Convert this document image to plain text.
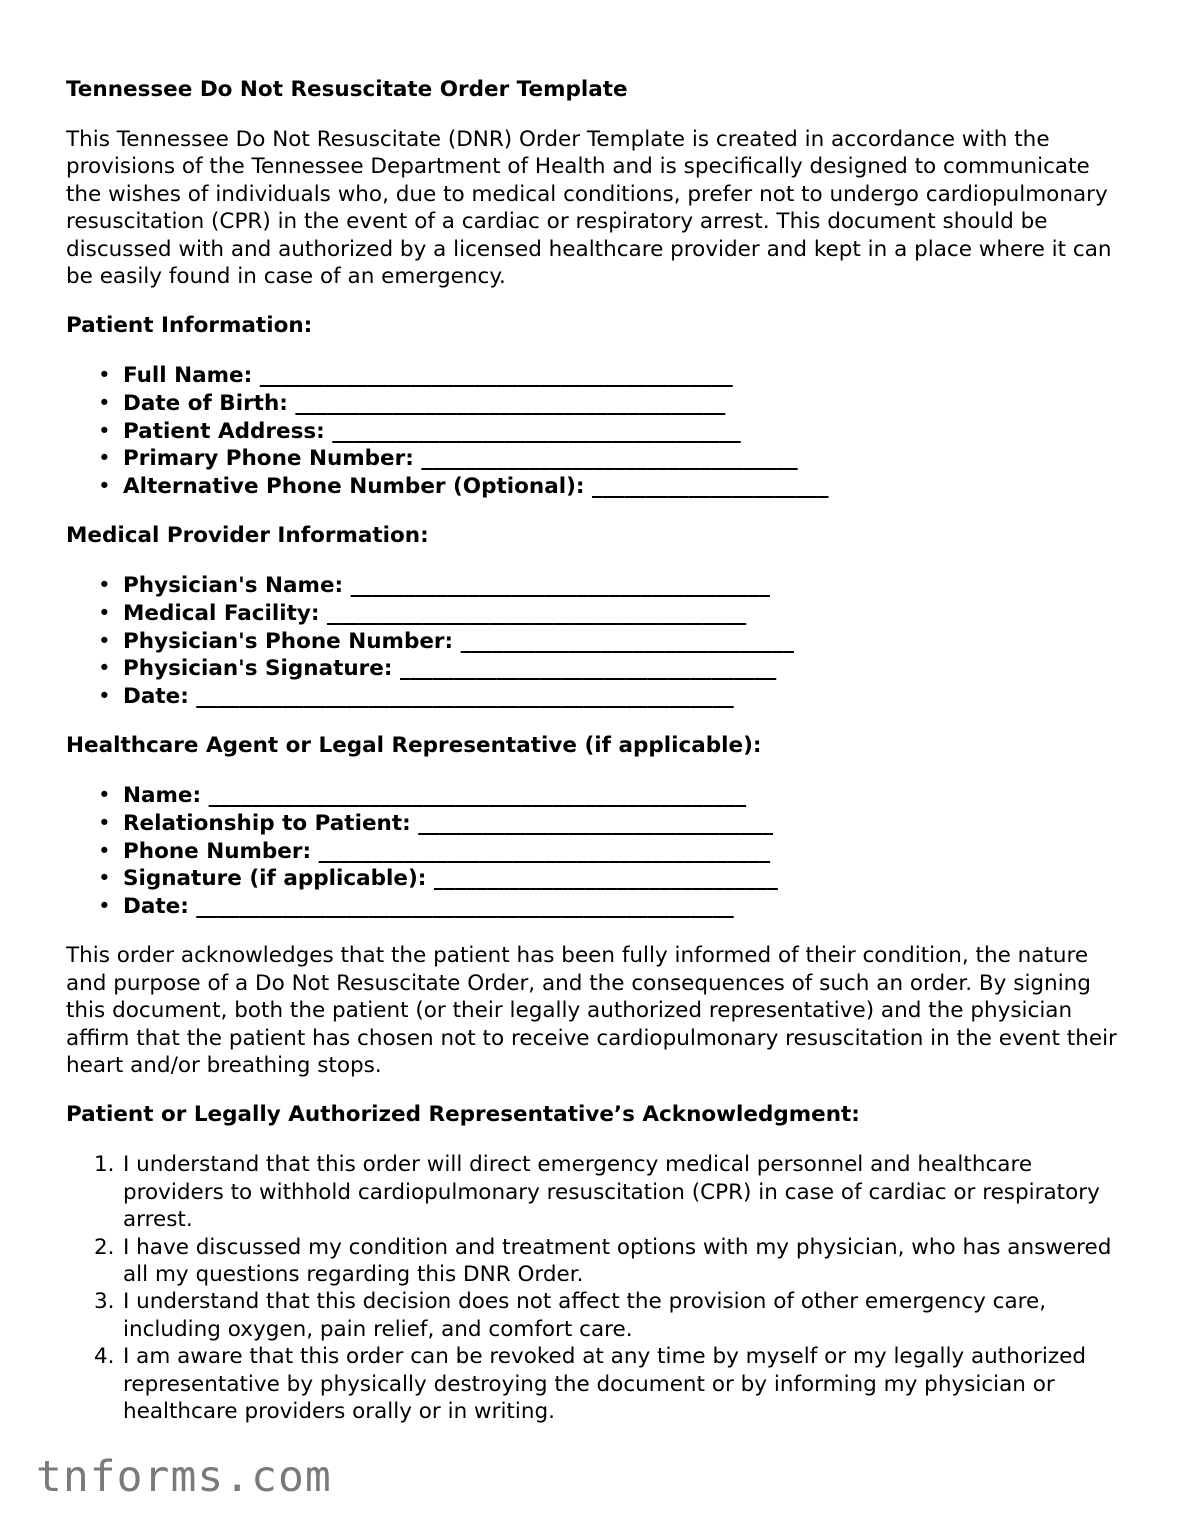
Tennessee Do Not Resuscitate Order Template

This Tennessee Do Not Resuscitate (DNR) Order Template is created in accordance with the provisions of the Tennessee Department of Health and is specifically designed to communicate the wishes of individuals who, due to medical conditions, prefer not to undergo cardiopulmonary resuscitation (CPR) in the event of a cardiac or respiratory arrest. This document should be discussed with and authorized by a licensed healthcare provider and kept in a place where it can be easily found in case of an emergency.

Patient Information:
• Full Name: ____________________________________________
• Date of Birth: ________________________________________
• Patient Address: ______________________________________
• Primary Phone Number: ___________________________________
• Alternative Phone Number (Optional): ______________________
Medical Provider Information:
• Physician's Name: _______________________________________
• Medical Facility: _______________________________________
• Physician's Phone Number: _______________________________
• Physician's Signature: ___________________________________
• Date: __________________________________________________
Healthcare Agent or Legal Representative (if applicable):
• Name: __________________________________________________
• Relationship to Patient: _________________________________
• Phone Number: __________________________________________
• Signature (if applicable): ________________________________
• Date: __________________________________________________

This order acknowledges that the patient has been fully informed of their condition, the nature and purpose of a Do Not Resuscitate Order, and the consequences of such an order. By signing this document, both the patient (or their legally authorized representative) and the physician affirm that the patient has chosen not to receive cardiopulmonary resuscitation in the event their heart and/or breathing stops.

Patient or Legally Authorized Representative’s Acknowledgment:
1. I understand that this order will direct emergency medical personnel and healthcare providers to withhold cardiopulmonary resuscitation (CPR) in case of cardiac or respiratory arrest.
2. I have discussed my condition and treatment options with my physician, who has answered all my questions regarding this DNR Order.
3. I understand that this decision does not affect the provision of other emergency care, including oxygen, pain relief, and comfort care.
4. I am aware that this order can be revoked at any time by myself or my legally authorized representative by physically destroying the document or by informing my physician or healthcare providers orally or in writing.
tnforms.com
